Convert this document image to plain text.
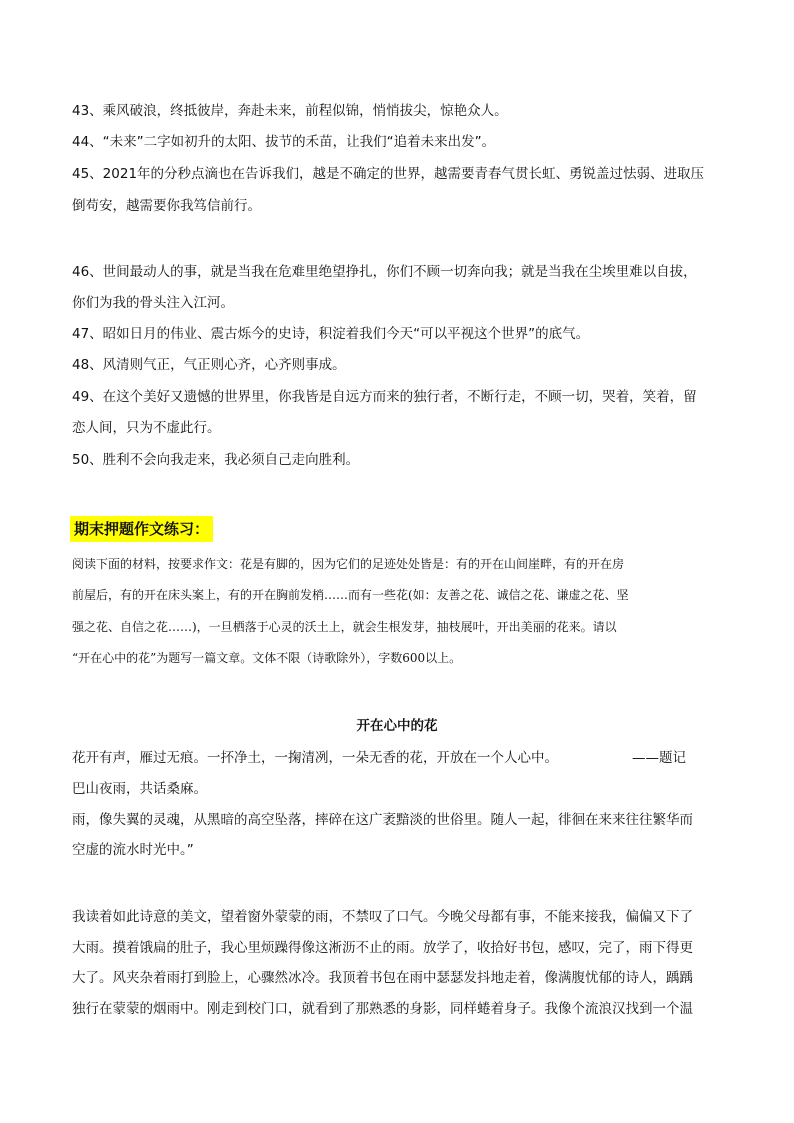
43、乘风破浪，终抵彼岸，奔赴未来，前程似锦，悄悄拔尖，惊艳众人。
44、“未来”二字如初升的太阳、拔节的禾苗，让我们“追着未来出发”。
45、2021年的分秒点滴也在告诉我们，越是不确定的世界，越需要青春气贯长虹、勇锐盖过怯弱、进取压
倒苟安，越需要你我笃信前行。
46、世间最动人的事，就是当我在危难里绝望挣扎，你们不顾一切奔向我；就是当我在尘埃里难以自拔，
你们为我的骨头注入江河。
47、昭如日月的伟业、震古烁今的史诗，积淀着我们今天“可以平视这个世界”的底气。
48、风清则气正，气正则心齐，心齐则事成。
49、在这个美好又遗憾的世界里，你我皆是自远方而来的独行者，不断行走，不顾一切，哭着，笑着，留
恋人间，只为不虚此行。
50、胜利不会向我走来，我必须自己走向胜利。
期末押题作文练习：
阅读下面的材料，按要求作文：花是有脚的，因为它们的足迹处处皆是：有的开在山间崖畔，有的开在房
前屋后，有的开在床头案上，有的开在胸前发梢……而有一些花(如：友善之花、诚信之花、谦虚之花、坚
强之花、自信之花……)，一旦栖落于心灵的沃土上，就会生根发芽，抽枝展叶，开出美丽的花来。请以
“开在心中的花”为题写一篇文章。文体不限（诗歌除外），字数600以上。
开在心中的花
花开有声，雁过无痕。一抔净土，一掬清冽，一朵无香的花，开放在一个人心中。	——题记
巴山夜雨，共话桑麻。
雨，像失翼的灵魂，从黑暗的高空坠落，摔碎在这广袤黯淡的世俗里。随人一起，徘徊在来来往往繁华而
空虚的流水时光中。”
我读着如此诗意的美文，望着窗外蒙蒙的雨，不禁叹了口气。今晚父母都有事，不能来接我，偏偏又下了
大雨。摸着饿扁的肚子，我心里烦躁得像这淅沥不止的雨。放学了，收拾好书包，感叹，完了，雨下得更
大了。风夹杂着雨打到脸上，心骤然冰冷。我顶着书包在雨中瑟瑟发抖地走着，像满腹忧郁的诗人，踽踽
独行在蒙蒙的烟雨中。刚走到校门口，就看到了那熟悉的身影，同样蜷着身子。我像个流浪汉找到一个温
